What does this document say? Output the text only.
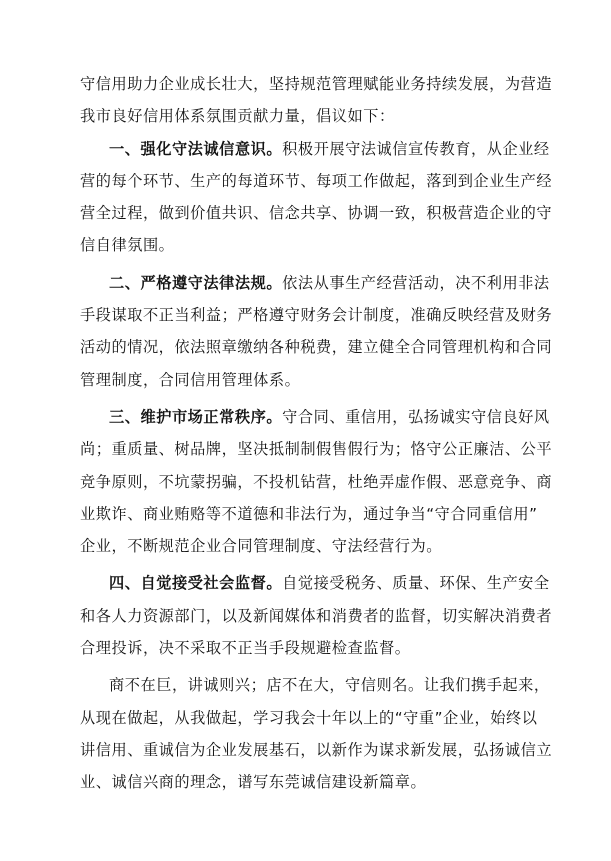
守信用助力企业成长壮大，坚持规范管理赋能业务持续发展，为营造
我市良好信用体系氛围贡献力量，倡议如下：
一、强化守法诚信意识。积极开展守法诚信宣传教育，从企业经
营的每个环节、生产的每道环节、每项工作做起，落到到企业生产经
营全过程，做到价值共识、信念共享、协调一致，积极营造企业的守
信自律氛围。
二、严格遵守法律法规。依法从事生产经营活动，决不利用非法
手段谋取不正当利益；严格遵守财务会计制度，准确反映经营及财务
活动的情况，依法照章缴纳各种税费，建立健全合同管理机构和合同
管理制度，合同信用管理体系。
三、维护市场正常秩序。守合同、重信用，弘扬诚实守信良好风
尚；重质量、树品牌，坚决抵制制假售假行为；恪守公正廉洁、公平
竞争原则，不坑蒙拐骗，不投机钻营，杜绝弄虚作假、恶意竞争、商
业欺诈、商业贿赂等不道德和非法行为，通过争当“守合同重信用”
企业，不断规范企业合同管理制度、守法经营行为。
四、自觉接受社会监督。自觉接受税务、质量、环保、生产安全
和各人力资源部门，以及新闻媒体和消费者的监督，切实解决消费者
合理投诉，决不采取不正当手段规避检查监督。
商不在巨，讲诚则兴；店不在大，守信则名。让我们携手起来，
从现在做起，从我做起，学习我会十年以上的“守重”企业，始终以
讲信用、重诚信为企业发展基石，以新作为谋求新发展，弘扬诚信立
业、诚信兴商的理念，谱写东莞诚信建设新篇章。
